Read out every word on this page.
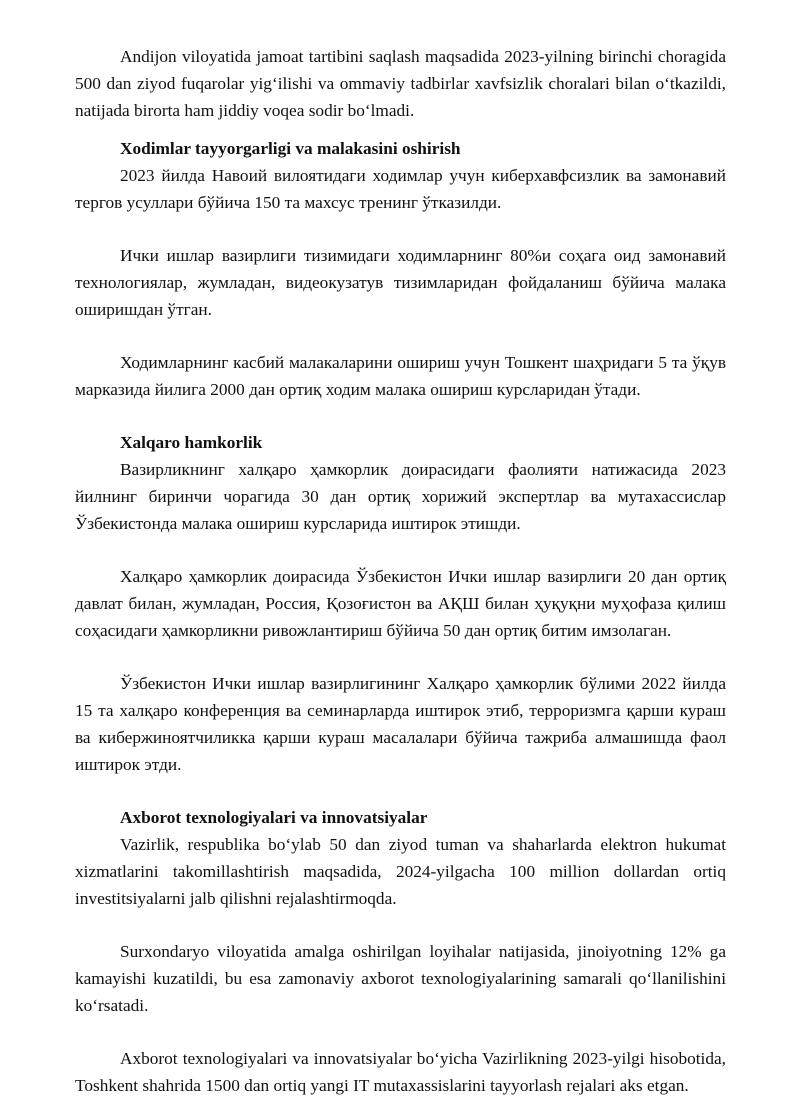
Andijon viloyatida jamoat tartibini saqlash maqsadida 2023-yilning birinchi choragida 500 dan ziyod fuqarolar yig‘ilishi va ommaviy tadbirlar xavfsizlik choralari bilan o‘tkazildi, natijada birorta ham jiddiy voqea sodir bo‘lmadi.

Xodimlar tayyorgarligi va malakasini oshirish

2023 йилда Навоий вилоятидаги ходимлар учун киберхавфсизлик ва замонавий тергов усуллари бўйича 150 та махсус тренинг ўтказилди.

Ички ишлар вазирлиги тизимидаги ходимларнинг 80%и соҳага оид замонавий технологиялар, жумладан, видеокузатув тизимларидан фойдаланиш бўйича малака оширишдан ўтган.

Ходимларнинг касбий малакаларини ошириш учун Тошкент шаҳридаги 5 та ўқув марказида йилига 2000 дан ортиқ ходим малака ошириш курсларидан ўтади.

Xalqaro hamkorlik

Вазирликнинг халқаро ҳамкорлик доирасидаги фаолияти натижасида 2023 йилнинг биринчи чорагида 30 дан ортиқ хорижий экспертлар ва мутахассислар Ўзбекистонда малака ошириш курсларида иштирок этишди.

Халқаро ҳамкорлик доирасида Ўзбекистон Ички ишлар вазирлиги 20 дан ортиқ давлат билан, жумладан, Россия, Қозоғистон ва АҚШ билан ҳуқуқни муҳофаза қилиш соҳасидаги ҳамкорликни ривожлантириш бўйича 50 дан ортиқ битим имзолаган.

Ўзбекистон Ички ишлар вазирлигининг Халқаро ҳамкорлик бўлими 2022 йилда 15 та халқаро конференция ва семинарларда иштирок этиб, терроризмга қарши кураш ва кибержиноятчиликка қарши кураш масалалари бўйича тажриба алмашишда фаол иштирок этди.

Axborot texnologiyalari va innovatsiyalar

Vazirlik, respublika bo‘ylab 50 dan ziyod tuman va shaharlarda elektron hukumat xizmatlarini takomillashtirish maqsadida, 2024-yilgacha 100 million dollardan ortiq investitsiyalarni jalb qilishni rejalashtirmoqda.

Surxondaryo viloyatida amalga oshirilgan loyihalar natijasida, jinoiyotning 12% ga kamayishi kuzatildi, bu esa zamonaviy axborot texnologiyalarining samarali qo‘llanilishini ko‘rsatadi.

Axborot texnologiyalari va innovatsiyalar bo‘yicha Vazirlikning 2023-yilgi hisobotida, Toshkent shahrida 1500 dan ortiq yangi IT mutaxassislarini tayyorlash rejalari aks etgan.
